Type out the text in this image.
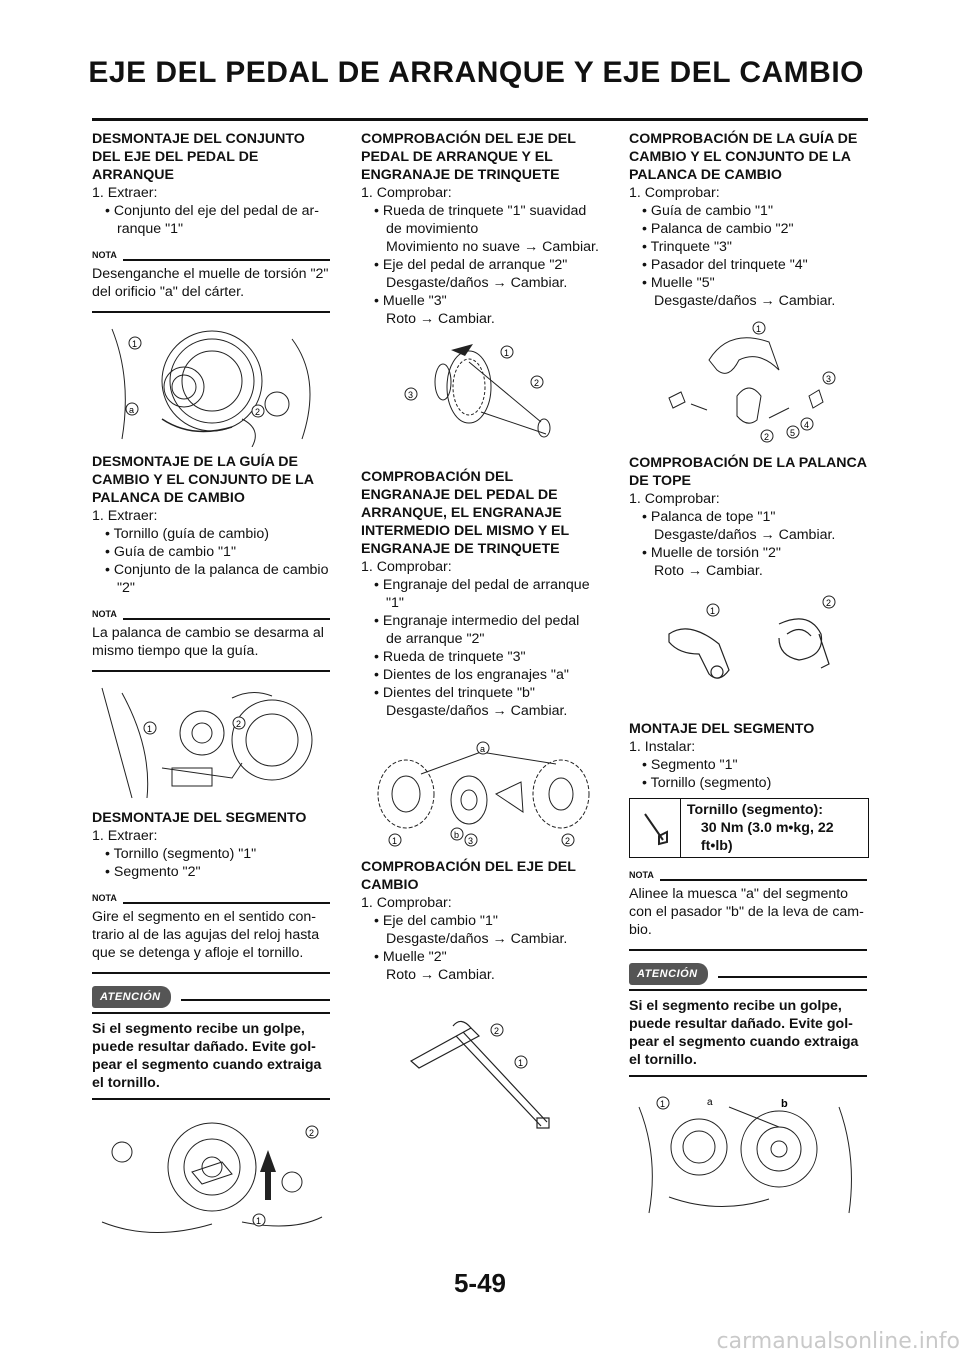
EJE DEL PEDAL DE ARRANQUE Y EJE DEL CAMBIO

DESMONTAJE DEL CONJUNTO DEL EJE DEL PEDAL DE ARRANQUE

1. Extraer:

• Conjunto del eje del pedal de ar-

ranque "1"

NOTA

Desenganche el muelle de torsión "2" del orificio "a" del cárter.

1
a	2

DESMONTAJE DE LA GUÍA DE CAMBIO Y EL CONJUNTO DE LA PALANCA DE CAMBIO

1. Extraer:

• Tornillo (guía de cambio)

• Guía de cambio "1"

• Conjunto de la palanca de cambio

"2"

NOTA

La palanca de cambio se desarma al mismo tiempo que la guía.

1	2

DESMONTAJE DEL SEGMENTO

1. Extraer:

• Tornillo (segmento) "1"

• Segmento "2"

NOTA

Gire el segmento en el sentido con- trario al de las agujas del reloj hasta que se detenga y afloje el tornillo.

ATENCIÓN

Si el segmento recibe un golpe, puede resultar dañado. Evite gol- pear el segmento cuando extraiga el tornillo.

2
1

COMPROBACIÓN DEL EJE DEL PEDAL DE ARRANQUE Y EL ENGRANAJE DE TRINQUETE

1. Comprobar:

• Rueda de trinquete "1" suavidad

de movimiento

Movimiento no suave → Cambiar.

• Eje del pedal de arranque "2"

Desgaste/daños → Cambiar.

• Muelle "3"

Roto → Cambiar.

1
2
3

COMPROBACIÓN DEL ENGRANAJE DEL PEDAL DE ARRANQUE, EL ENGRANAJE INTERMEDIO DEL MISMO Y EL ENGRANAJE DE TRINQUETE

1. Comprobar:

• Engranaje del pedal de arranque

"1"

• Engranaje intermedio del pedal

de arranque "2"

• Rueda de trinquete "3"

• Dientes de los engranajes "a"

• Dientes del trinquete "b"

Desgaste/daños → Cambiar.

a
1
b
3	2

COMPROBACIÓN DEL EJE DEL CAMBIO

1. Comprobar:

• Eje del cambio "1"

Desgaste/daños → Cambiar.

• Muelle "2"

Roto → Cambiar.

2
1

COMPROBACIÓN DE LA GUÍA DE CAMBIO Y EL CONJUNTO DE LA PALANCA DE CAMBIO

1. Comprobar:

• Guía de cambio "1"

• Palanca de cambio "2"

• Trinquete "3"

• Pasador del trinquete "4"

• Muelle "5"

Desgaste/daños → Cambiar.

1
3
4
5
2

COMPROBACIÓN DE LA PALANCA DE TOPE

1. Comprobar:

• Palanca de tope "1"

Desgaste/daños → Cambiar.

• Muelle de torsión "2"

Roto → Cambiar.

1
2

MONTAJE DEL SEGMENTO

1. Instalar:

• Segmento "1"

• Tornillo (segmento)

Tornillo (segmento):
30 Nm (3.0 m•kg, 22 ft•lb)
NOTA

Alinee la muesca "a" del segmento con el pasador "b" de la leva de cam- bio.

ATENCIÓN

Si el segmento recibe un golpe, puede resultar dañado. Evite gol- pear el segmento cuando extraiga el tornillo.

1	a	b
5-49
carmanualsonline.info
